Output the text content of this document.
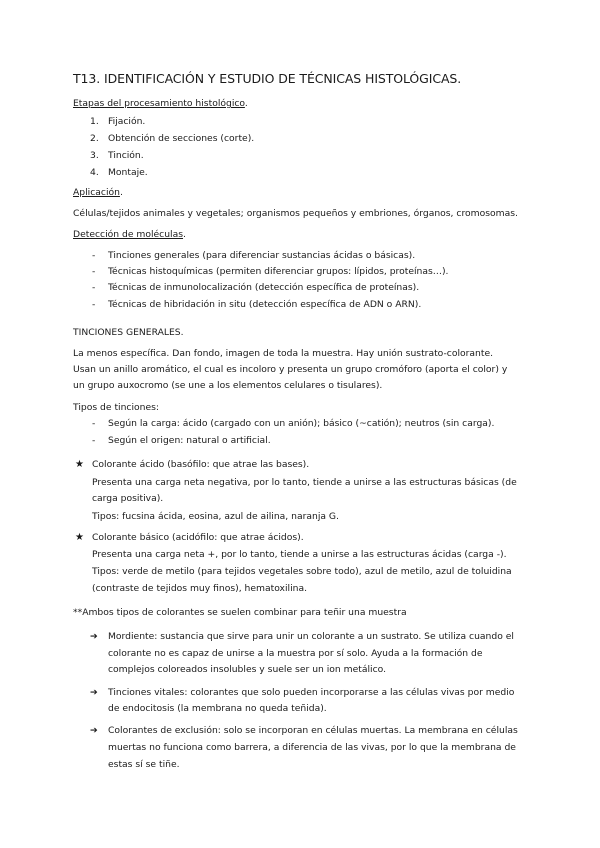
T13. IDENTIFICACIÓN Y ESTUDIO DE TÉCNICAS HISTOLÓGICAS.
Etapas del procesamiento histológico.
1. Fijación.
2. Obtención de secciones (corte).
3. Tinción.
4. Montaje.
Aplicación.
Células/tejidos animales y vegetales; organismos pequeños y embriones, órganos, cromosomas.
Detección de moléculas.
- Tinciones generales (para diferenciar sustancias ácidas o básicas).
- Técnicas histoquímicas (permiten diferenciar grupos: lípidos, proteínas…).
- Técnicas de inmunolocalización (detección específica de proteínas).
- Técnicas de hibridación in situ (detección específica de ADN o ARN).
TINCIONES GENERALES.
La menos específica. Dan fondo, imagen de toda la muestra. Hay unión sustrato-colorante.
Usan un anillo aromático, el cual es incoloro y presenta un grupo cromóforo (aporta el color) y
un grupo auxocromo (se une a los elementos celulares o tisulares).
Tipos de tinciones:
- Según la carga: ácido (cargado con un anión); básico (~catión); neutros (sin carga).
- Según el origen: natural o artificial.
★ Colorante ácido (basófilo: que atrae las bases).
Presenta una carga neta negativa, por lo tanto, tiende a unirse a las estructuras básicas (de
carga positiva).
Tipos: fucsina ácida, eosina, azul de ailina, naranja G.
★ Colorante básico (acidófilo: que atrae ácidos).
Presenta una carga neta +, por lo tanto, tiende a unirse a las estructuras ácidas (carga -).
Tipos: verde de metilo (para tejidos vegetales sobre todo), azul de metilo, azul de toluidina
(contraste de tejidos muy finos), hematoxilina.
**Ambos tipos de colorantes se suelen combinar para teñir una muestra
➔ Mordiente: sustancia que sirve para unir un colorante a un sustrato. Se utiliza cuando el
colorante no es capaz de unirse a la muestra por sí solo. Ayuda a la formación de
complejos coloreados insolubles y suele ser un ion metálico.
➔ Tinciones vitales: colorantes que solo pueden incorporarse a las células vivas por medio
de endocitosis (la membrana no queda teñida).
➔ Colorantes de exclusión: solo se incorporan en células muertas. La membrana en células
muertas no funciona como barrera, a diferencia de las vivas, por lo que la membrana de
estas sí se tiñe.
